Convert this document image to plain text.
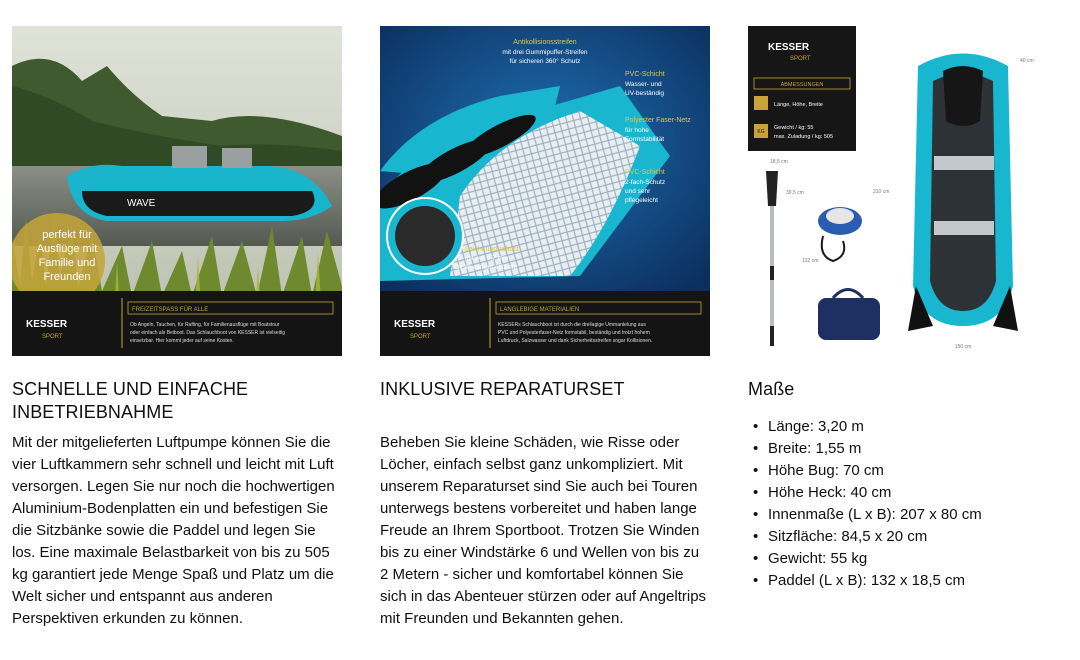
WAVE
perfekt für
Ausflüge mit
Familie und
Freunden
KESSER
SPORT
FREIZEITSPASS FÜR ALLE
Ob Angeln, Tauchen, für Rafting, für Familienausflüge mit Boatstour
oder einfach als Beiboot. Das Schlauchboot von KESSER ist vielseitig
einsetzbar. Hier kommt jeder auf seine Kosten.
SCHNELLE UND EINFACHE INBETRIEBNAHME
Mit der mitgelieferten Luftpumpe können Sie die vier Luftkammern sehr schnell und leicht mit Luft versorgen. Legen Sie nur noch die hochwertigen Aluminium-Bodenplatten ein und befestigen Sie die Sitzbänke sowie die Paddel und legen Sie los. Eine maximale Belastbarkeit von bis zu 505 kg garantiert jede Menge Spaß und Platz um die Welt sicher und entspannt aus anderen Perspektiven erkunden zu können.
Antikollisionsstreifen
mit drei Gummipuffer-Streifen
für sicheren 360° Schutz
PVC-Schicht
Wasser- und
UV-beständig
Polyester Faser-Netz
für hohe
Formstabilität
PVC-Schicht
2-fach-Schutz
und sehr
pflegeleicht
Leicht und robust
mit nur 0,7 mm
Dicke extrem effizient
KESSER
SPORT
LANGLEBIGE MATERIALIEN
KESSERs Schlauchboot ist durch die dreilagige Ummantelung aus
PVC und Polyesterfaser-Netz formstabil, beständig und trotzt hohem
Luftdruck, Salzwasser und dank Sicherheitsstreifen sogar Kollisionen.
INKLUSIVE REPARATURSET
Beheben Sie kleine Schäden, wie Risse oder Löcher, einfach selbst ganz unkompliziert. Mit unserem Reparaturset sind Sie auch bei Touren unterwegs bestens vorbereitet und haben lange Freude an Ihrem Sportboot. Trotzen Sie Winden bis zu einer Windstärke 6 und Wellen von bis zu 2 Metern - sicher und komfortabel können Sie sich in das Abenteuer stürzen oder auf Angeltrips mit Freunden und Bekannten gehen.
KESSER
SPORT
ABMESSUNGEN
Länge, Höhe, Breite
KG
Gewicht / kg: 55
max. Zuladung / kg: 505
18,5 cm
39,5 cm
132 cm
40 cm
310 cm
150 cm
Maße
• Länge: 3,20 m
• Breite: 1,55 m
• Höhe Bug: 70 cm
• Höhe Heck: 40 cm
• Innenmaße (L x B): 207 x 80 cm
• Sitzfläche: 84,5 x 20 cm
• Gewicht: 55 kg
• Paddel (L x B): 132 x 18,5 cm
